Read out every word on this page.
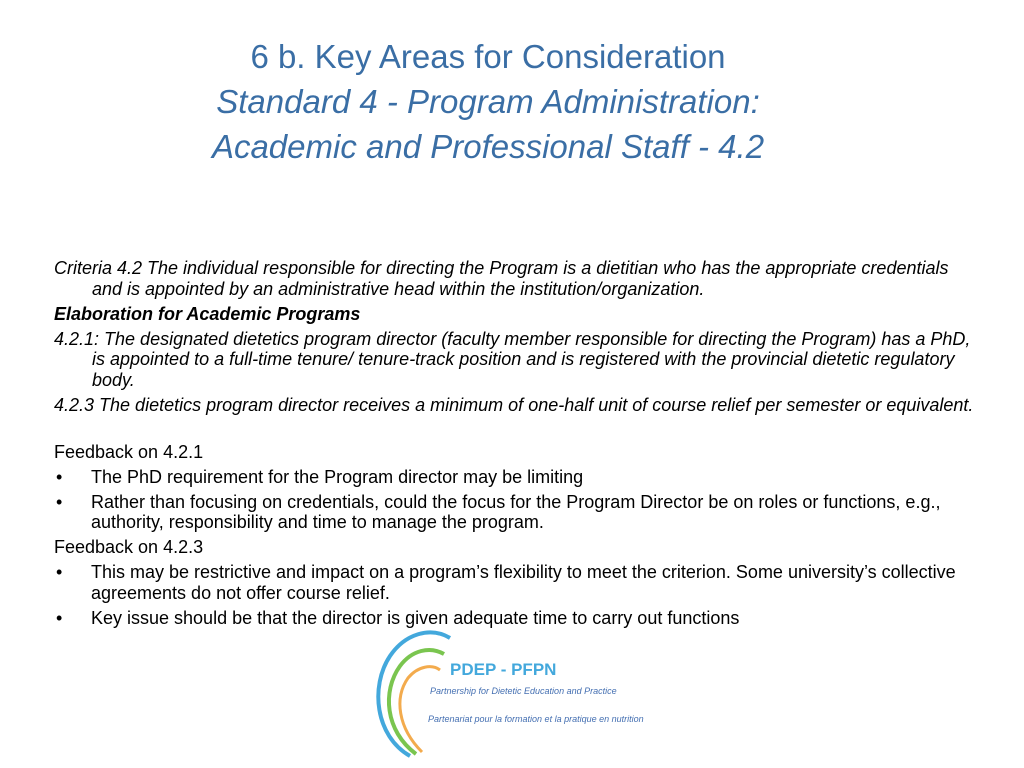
6 b. Key Areas for Consideration
Standard 4 - Program Administration:
Academic and Professional Staff - 4.2

Criteria 4.2 The individual responsible for directing the Program is a dietitian who has the appropriate credentials and is appointed by an administrative head within the institution/organization.

Elaboration for Academic Programs

4.2.1: The designated dietetics program director (faculty member responsible for directing the Program) has a PhD, is appointed to a full-time tenure/ tenure-track position and is registered with the provincial dietetic regulatory body.

4.2.3 The dietetics program director receives a minimum of one-half unit of course relief per semester or equivalent.

Feedback on 4.2.1

• The PhD requirement for the Program director may be limiting
• Rather than focusing on credentials, could the focus for the Program Director be on roles or functions, e.g., authority, responsibility and time to manage the program.

Feedback on 4.2.3

• This may be restrictive and impact on a program’s flexibility to meet the criterion. Some university’s collective agreements do not offer course relief.
• Key issue should be that the director is given adequate time to carry out functions
PDEP - PFPN
Partnership for Dietetic Education and Practice
Partenariat pour la formation et la pratique en nutrition
